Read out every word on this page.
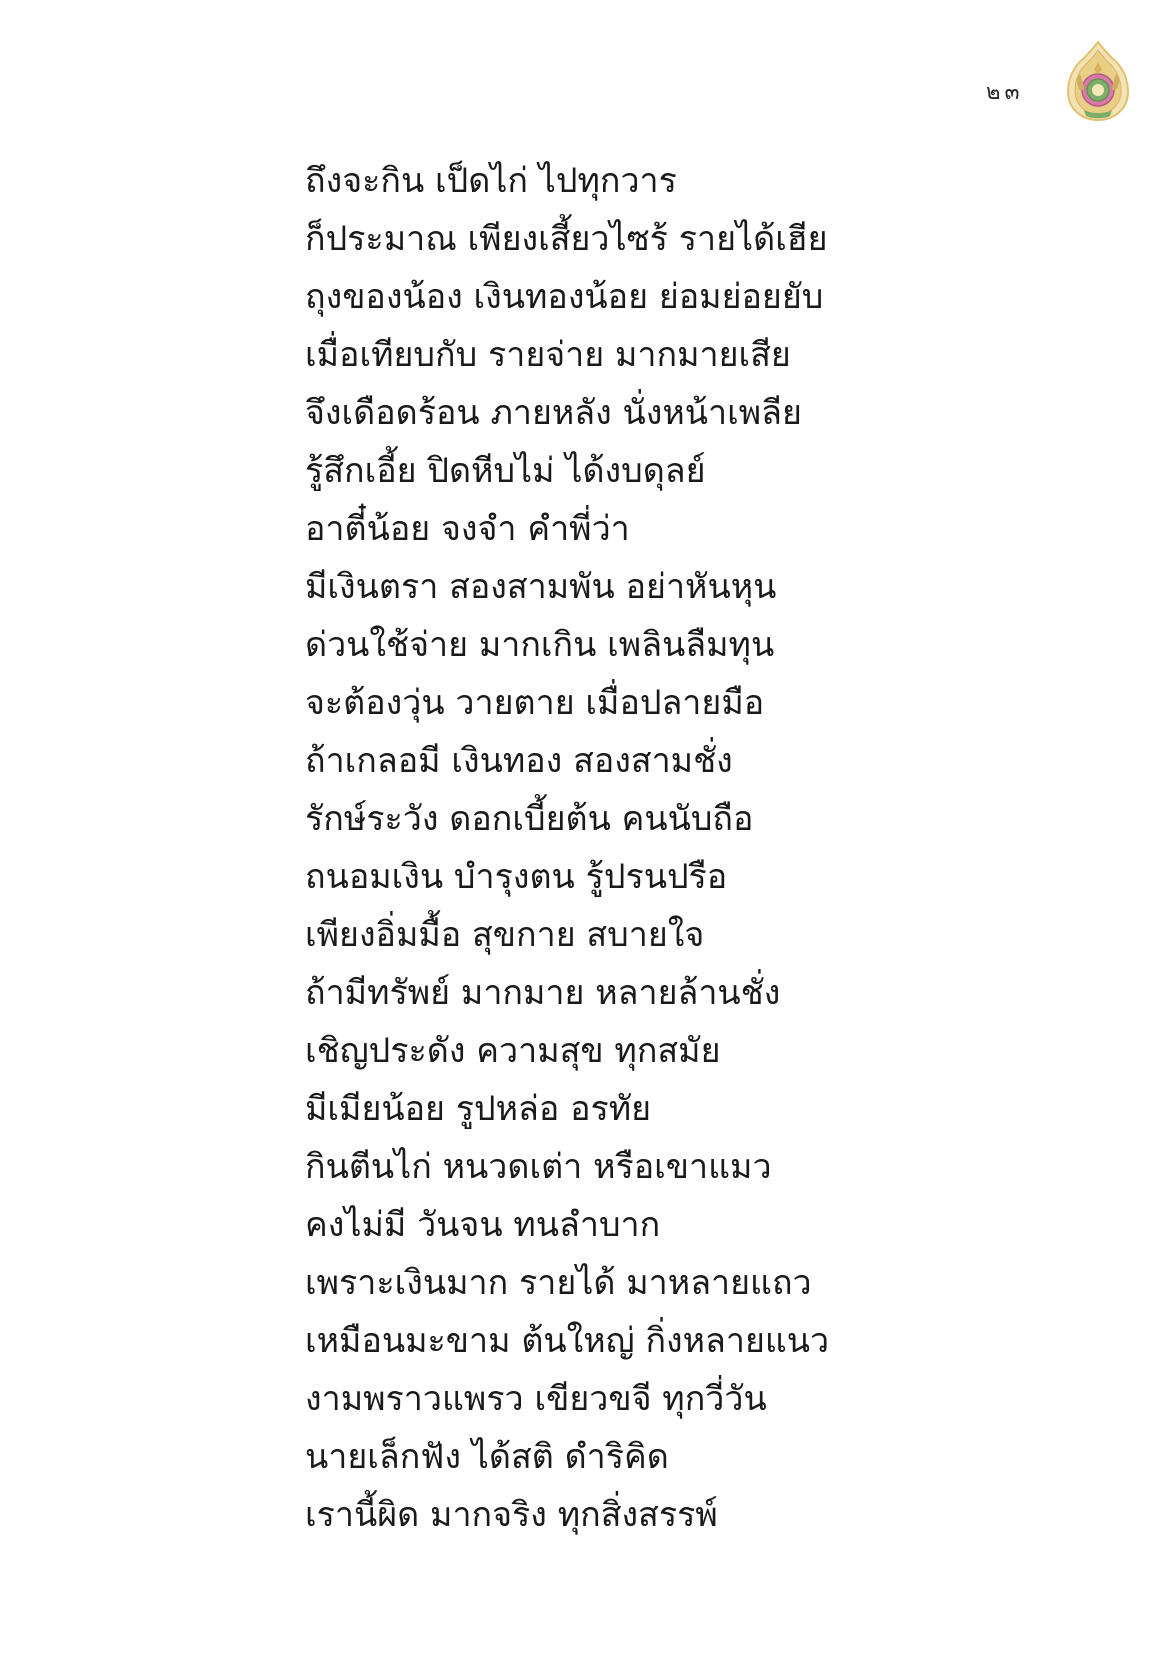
๒๓
ถึงจะกิน เป็ดไก่ ไปทุกวาร
ก็ประมาณ เพียงเสี้ยวไซร้ รายได้เฮีย
ถุงของน้อง เงินทองน้อย ย่อมย่อยยับ
เมื่อเทียบกับ รายจ่าย มากมายเสีย
จึงเดือดร้อน ภายหลัง นั่งหน้าเพลีย
รู้สึกเอี้ย ปิดหีบไม่ ได้งบดุลย์
อาตี๋น้อย จงจำ คำพี่ว่า
มีเงินตรา สองสามพัน อย่าหันหุน
ด่วนใช้จ่าย มากเกิน เพลินลืมทุน
จะต้องวุ่น วายตาย เมื่อปลายมือ
ถ้าเกลอมี เงินทอง สองสามชั่ง
รักษ์ระวัง ดอกเบี้ยต้น คนนับถือ
ถนอมเงิน บำรุงตน รู้ปรนปรือ
เพียงอิ่มมื้อ สุขกาย สบายใจ
ถ้ามีทรัพย์ มากมาย หลายล้านชั่ง
เชิญประดัง ความสุข ทุกสมัย
มีเมียน้อย รูปหล่อ อรทัย
กินตีนไก่ หนวดเต่า หรือเขาแมว
คงไม่มี วันจน ทนลำบาก
เพราะเงินมาก รายได้ มาหลายแถว
เหมือนมะขาม ต้นใหญ่ กิ่งหลายแนว
งามพราวแพรว เขียวขจี ทุกวี่วัน
นายเล็กฟัง ได้สติ ดำริคิด
เรานี้ผิด มากจริง ทุกสิ่งสรรพ์
